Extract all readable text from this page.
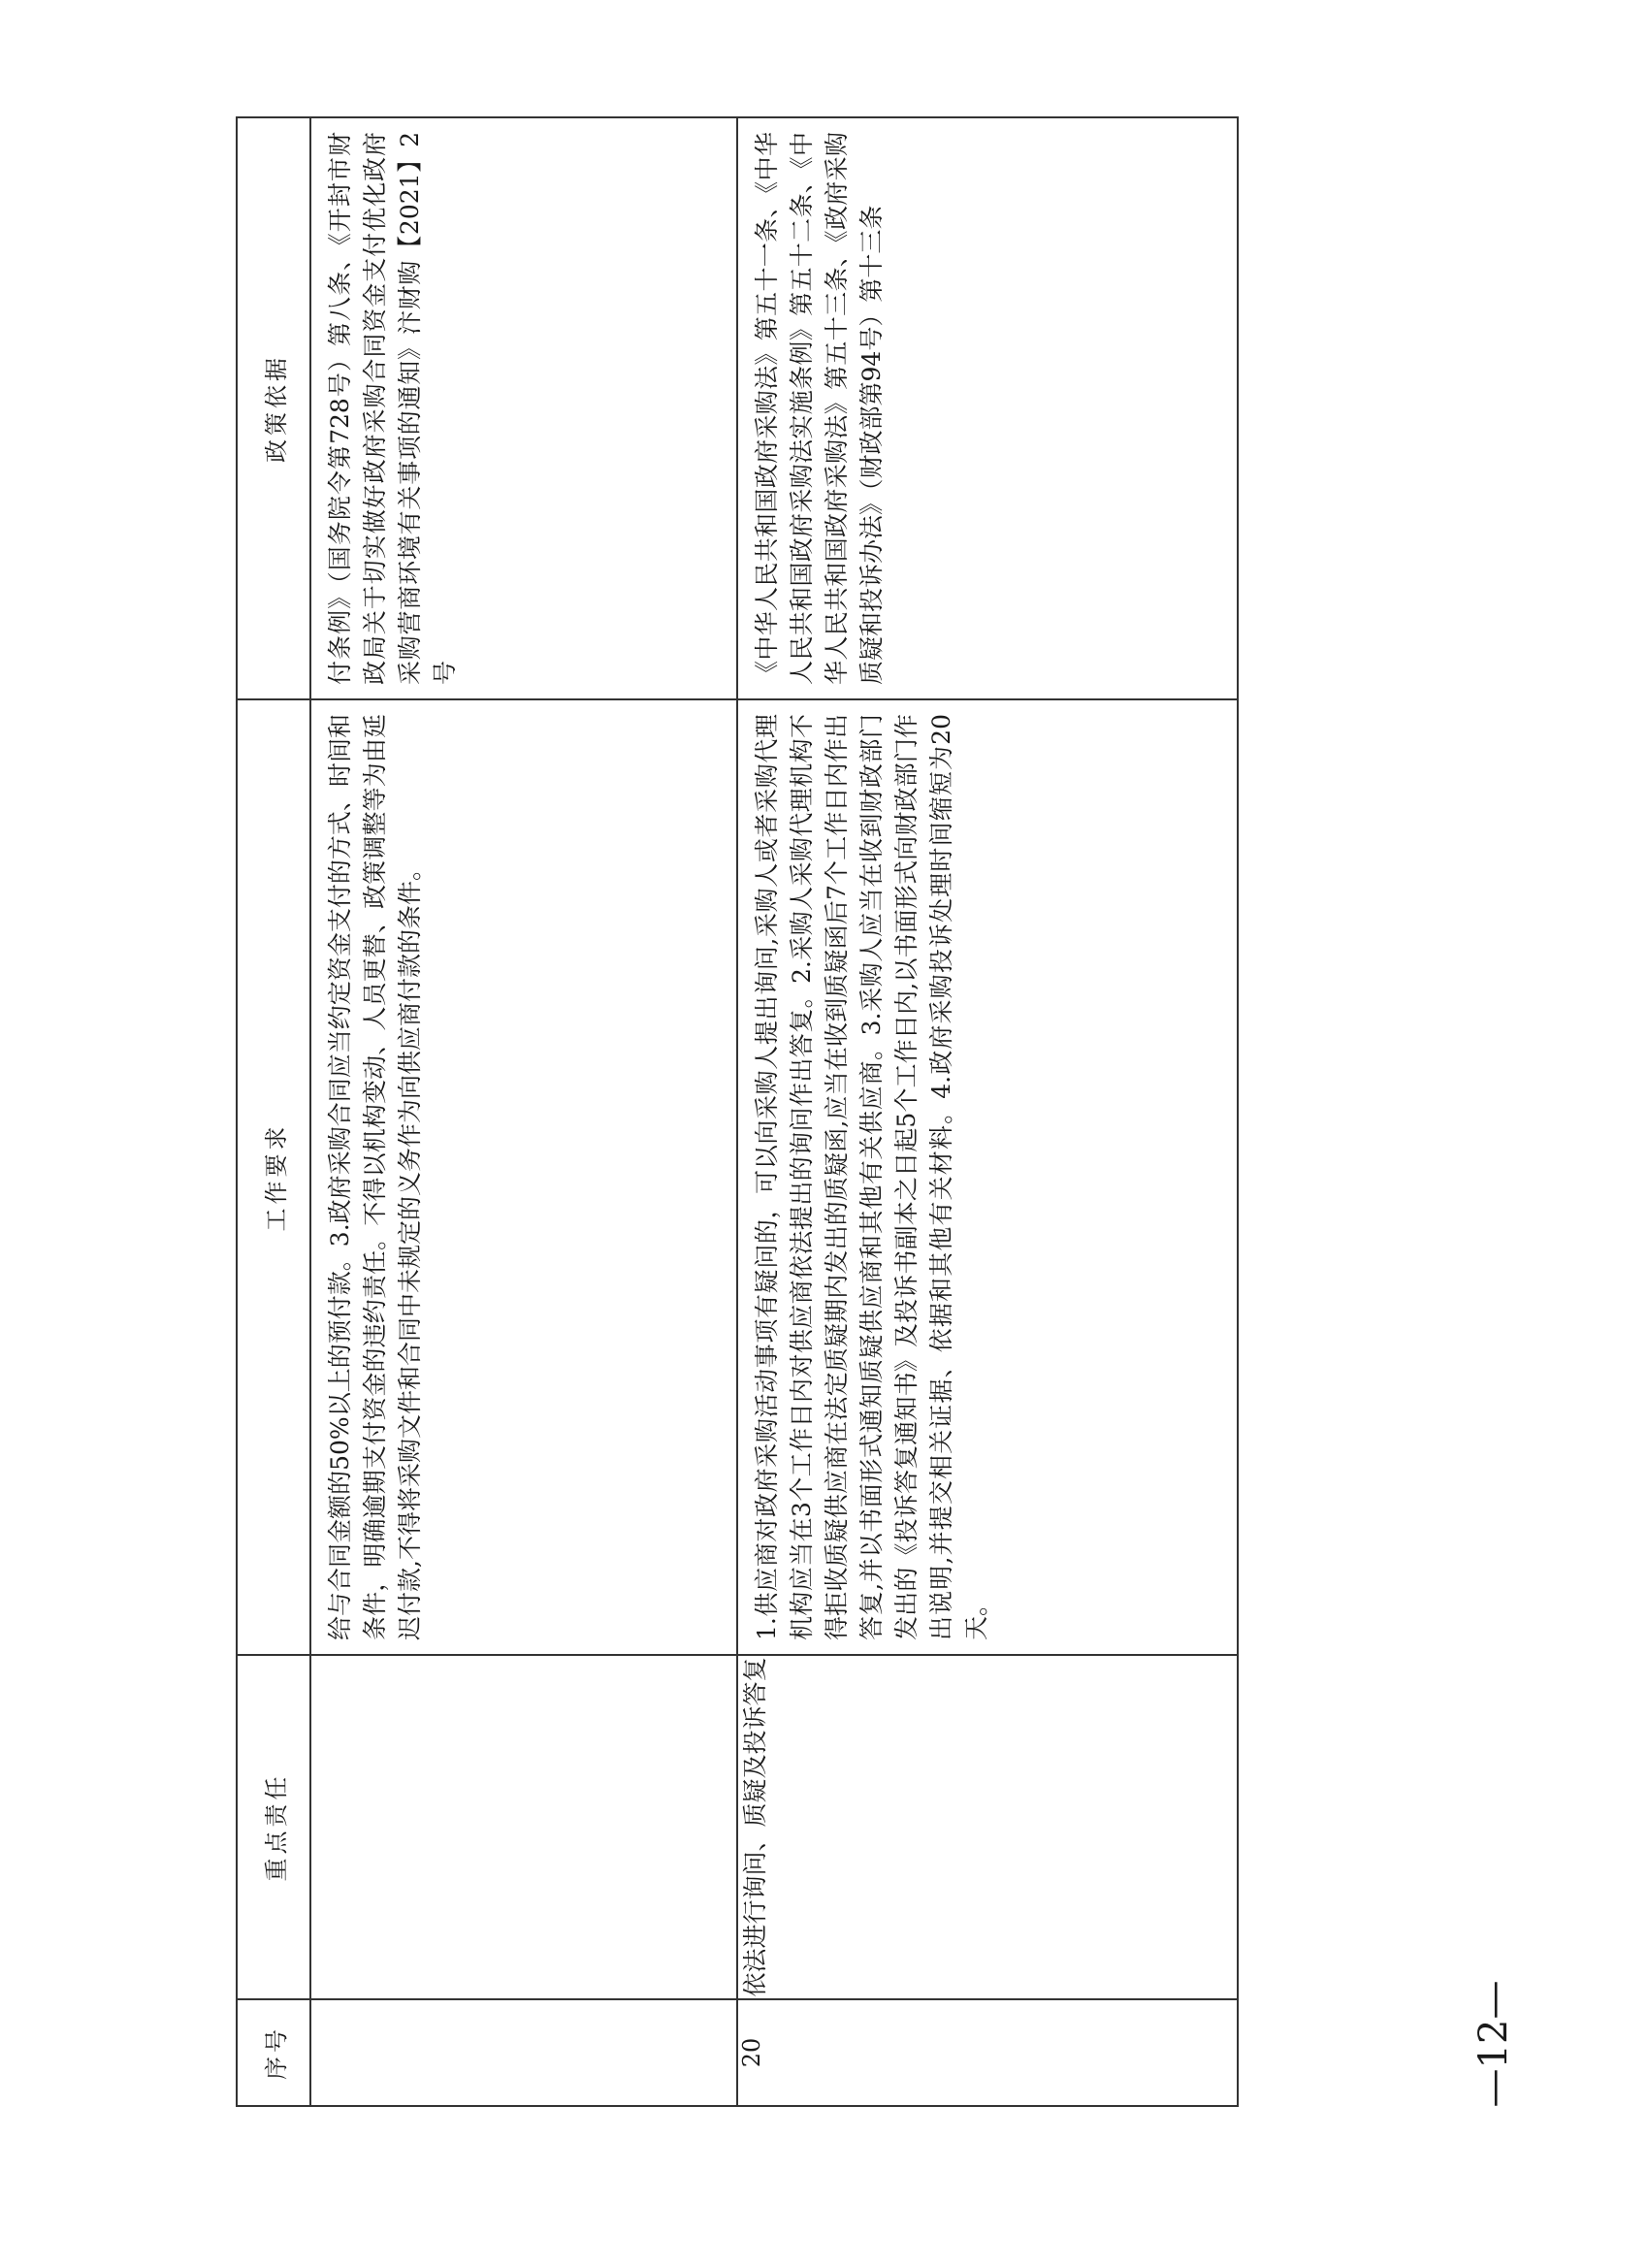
序号	重点责任	工作要求	政策依据

		给与合同金额的50%以上的预付款。3.政府采购合同应当约定资金支付的方式、时间和条件，明确逾期支付资金的违约责任。不得以机构变动、人员更替、政策调整等为由延迟付款,不得将采购文件和合同中未规定的义务作为向供应商付款的条件。	付条例》（国务院令第728号）第八条、《开封市财政局关于切实做好政府采购合同资金支付优化政府采购营商环境有关事项的通知》汴财购【2021】2号

20	依法进行询问、质疑及投诉答复	1.供应商对政府采购活动事项有疑问的，可以向采购人提出询问,采购人或者采购代理机构应当在3个工作日内对供应商依法提出的询问作出答复。2.采购人采购代理机构不得拒收质疑供应商在法定质疑期内发出的质疑函,应当在收到质疑函后7个工作日内作出答复,并以书面形式通知质疑供应商和其他有关供应商。3.采购人应当在收到财政部门发出的《投诉答复通知书》及投诉书副本之日起5个工作日内,以书面形式向财政部门作出说明,并提交相关证据、依据和其他有关材料。4.政府采购投诉处理时间缩短为20天。	《中华人民共和国政府采购法》第五十一条、《中华人民共和国政府采购法实施条例》第五十二条、《中华人民共和国政府采购法》第五十三条、《政府采购质疑和投诉办法》（财政部第94号）第十三条
—12—
